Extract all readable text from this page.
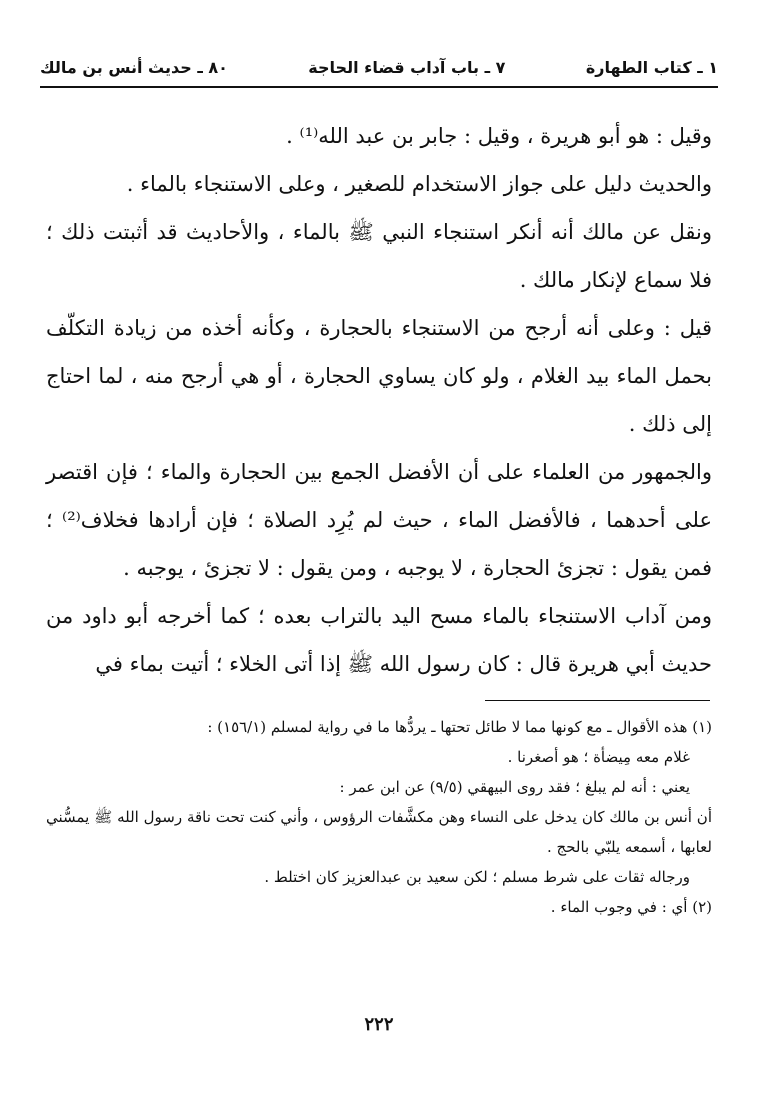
١ ـ كتاب الطهارة
٧ ـ باب آداب قضاء الحاجة
٨٠ ـ حديث أنس بن مالك

وقيل : هو أبو هريرة ، وقيل : جابر بن عبد الله⁽¹⁾ .

والحديث دليل على جواز الاستخدام للصغير ، وعلى الاستنجاء بالماء .

ونقل عن مالك أنه أنكر استنجاء النبي ﷺ بالماء ، والأحاديث قد أثبتت ذلك ؛ فلا سماع لإنكار مالك .

قيل : وعلى أنه أرجح من الاستنجاء بالحجارة ، وكأنه أخذه من زيادة التكلّف بحمل الماء بيد الغلام ، ولو كان يساوي الحجارة ، أو هي أرجح منه ، لما احتاج إلى ذلك .

والجمهور من العلماء على أن الأفضل الجمع بين الحجارة والماء ؛ فإن اقتصر على أحدهما ، فالأفضل الماء ، حيث لم يُرِد الصلاة ؛ فإن أرادها فخلاف⁽²⁾ ؛ فمن يقول : تجزئ الحجارة ، لا يوجبه ، ومن يقول : لا تجزئ ، يوجبه .

ومن آداب الاستنجاء بالماء مسح اليد بالتراب بعده ؛ كما أخرجه أبو داود من حديث أبي هريرة قال : كان رسول الله ﷺ إذا أتى الخلاء ؛ أتيت بماء في

(١) هذه الأقوال ـ مع كونها مما لا طائل تحتها ـ يردُّها ما في رواية لمسلم (١٥٦/١) :

غلام معه مِيضأة ؛ هو أصغرنا .

يعني : أنه لم يبلغ ؛ فقد روى البيهقي (٩/٥) عن ابن عمر :

أن أنس بن مالك كان يدخل على النساء وهن مكشَّفات الرؤوس ، وأني كنت تحت ناقة رسول الله ﷺ يمسُّني لعابها ، أسمعه يلبّي بالحج .

ورجاله ثقات على شرط مسلم ؛ لكن سعيد بن عبدالعزيز كان اختلط .

(٢) أي : في وجوب الماء .

٢٢٢
